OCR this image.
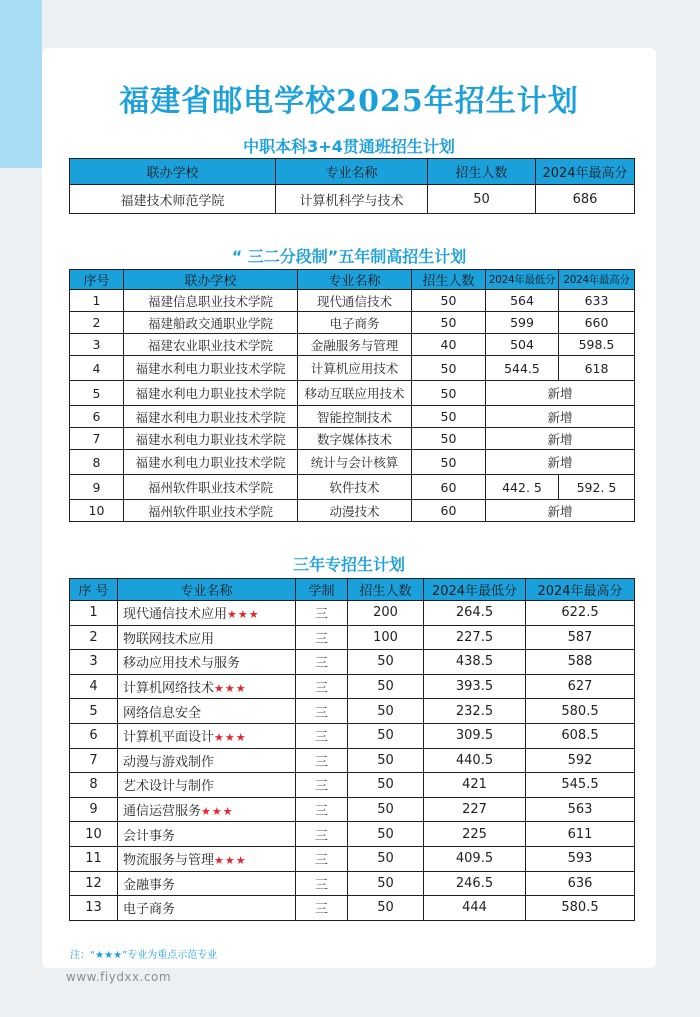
福建省邮电学校2025年招生计划
中职本科3+4贯通班招生计划
联办学校	专业名称	招生人数	2024年最高分
福建技术师范学院	计算机科学与技术	50	686
“ 三二分段制”五年制高招生计划
序号	联办学校	专业名称	招生人数	2024年最低分	2024年最高分
1	福建信息职业技术学院	现代通信技术	50	564	633
2	福建船政交通职业学院	电子商务	50	599	660
3	福建农业职业技术学院	金融服务与管理	40	504	598.5
4	福建水利电力职业技术学院	计算机应用技术	50	544.5	618
5	福建水利电力职业技术学院	移动互联应用技术	50	新增	
6	福建水利电力职业技术学院	智能控制技术	50	新增	
7	福建水利电力职业技术学院	数字媒体技术	50	新增	
8	福建水利电力职业技术学院	统计与会计核算	50	新增	
9	福州软件职业技术学院	软件技术	60	442. 5	592. 5
10	福州软件职业技术学院	动漫技术	60	新增	
三年专招生计划
序 号	专业名称	学制	招生人数	2024年最低分	2024年最高分
1	现代通信技术应用★★★	三	200	264.5	622.5
2	物联网技术应用	三	100	227.5	587
3	移动应用技术与服务	三	50	438.5	588
4	计算机网络技术★★★	三	50	393.5	627
5	网络信息安全	三	50	232.5	580.5
6	计算机平面设计★★★	三	50	309.5	608.5
7	动漫与游戏制作	三	50	440.5	592
8	艺术设计与制作	三	50	421	545.5
9	通信运营服务★★★	三	50	227	563
10	会计事务	三	50	225	611
11	物流服务与管理★★★	三	50	409.5	593
12	金融事务	三	50	246.5	636
13	电子商务	三	50	444	580.5
注：“★★★”专业为重点示范专业
www.fiydxx.com
